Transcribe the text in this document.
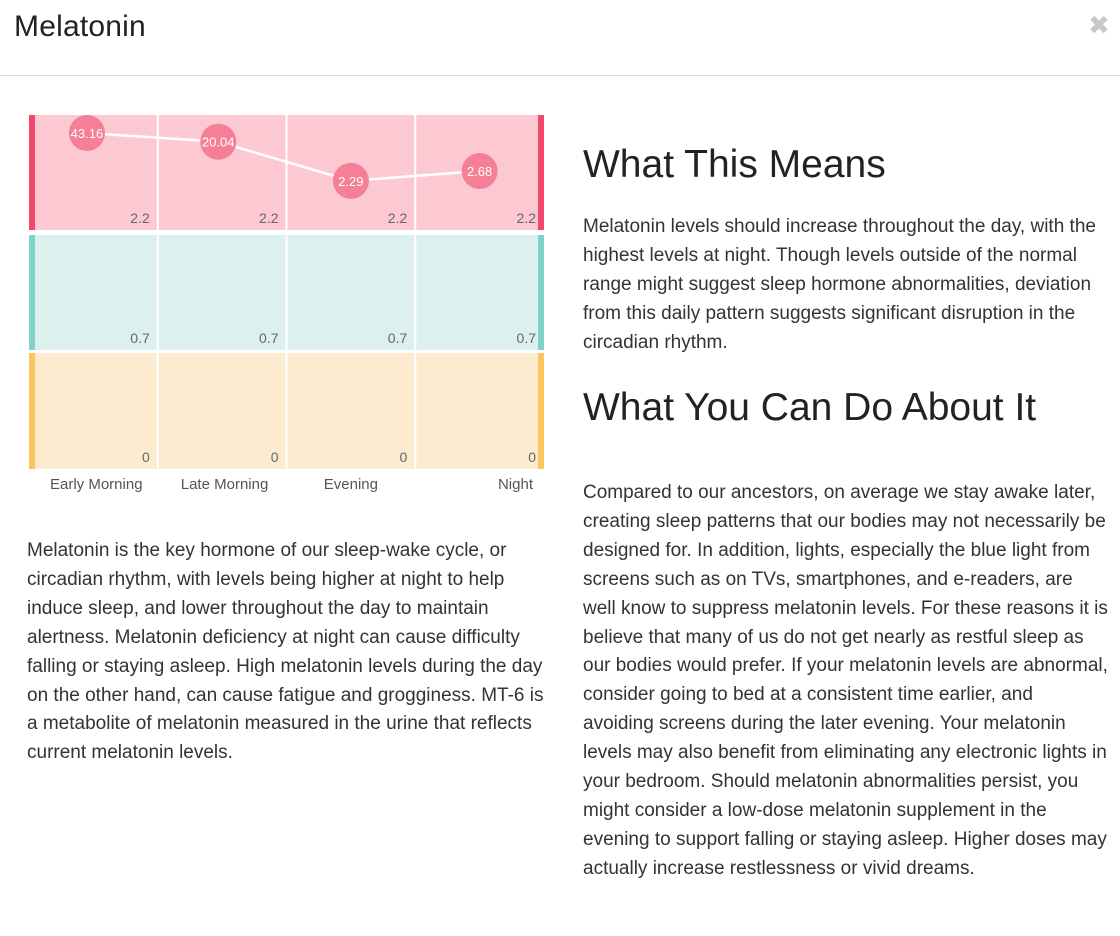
Melatonin	✖
2.2	2.2	2.2	2.2
0.7	0.7	0.7	0.7
0	0	0	0
Early Morning	Late Morning	Evening	Night
43.16
20.04
2.29
2.68
Melatonin is the key hormone of our sleep-wake cycle, or circadian rhythm, with levels being higher at night to help induce sleep, and lower throughout the day to maintain alertness. Melatonin deficiency at night can cause difficulty falling or staying asleep. High melatonin levels during the day on the other hand, can cause fatigue and grogginess. MT-6 is a metabolite of melatonin measured in the urine that reflects current melatonin levels.
What This Means
Melatonin levels should increase throughout the day, with the highest levels at night. Though levels outside of the normal range might suggest sleep hormone abnormalities, deviation from this daily pattern suggests significant disruption in the circadian rhythm.
What You Can Do About It
Compared to our ancestors, on average we stay awake later, creating sleep patterns that our bodies may not necessarily be designed for. In addition, lights, especially the blue light from screens such as on TVs, smartphones, and e-readers, are well know to suppress melatonin levels. For these reasons it is believe that many of us do not get nearly as restful sleep as our bodies would prefer. If your melatonin levels are abnormal, consider going to bed at a consistent time earlier, and avoiding screens during the later evening. Your melatonin levels may also benefit from eliminating any electronic lights in your bedroom. Should melatonin abnormalities persist, you might consider a low-dose melatonin supplement in the evening to support falling or staying asleep. Higher doses may actually increase restlessness or vivid dreams.
